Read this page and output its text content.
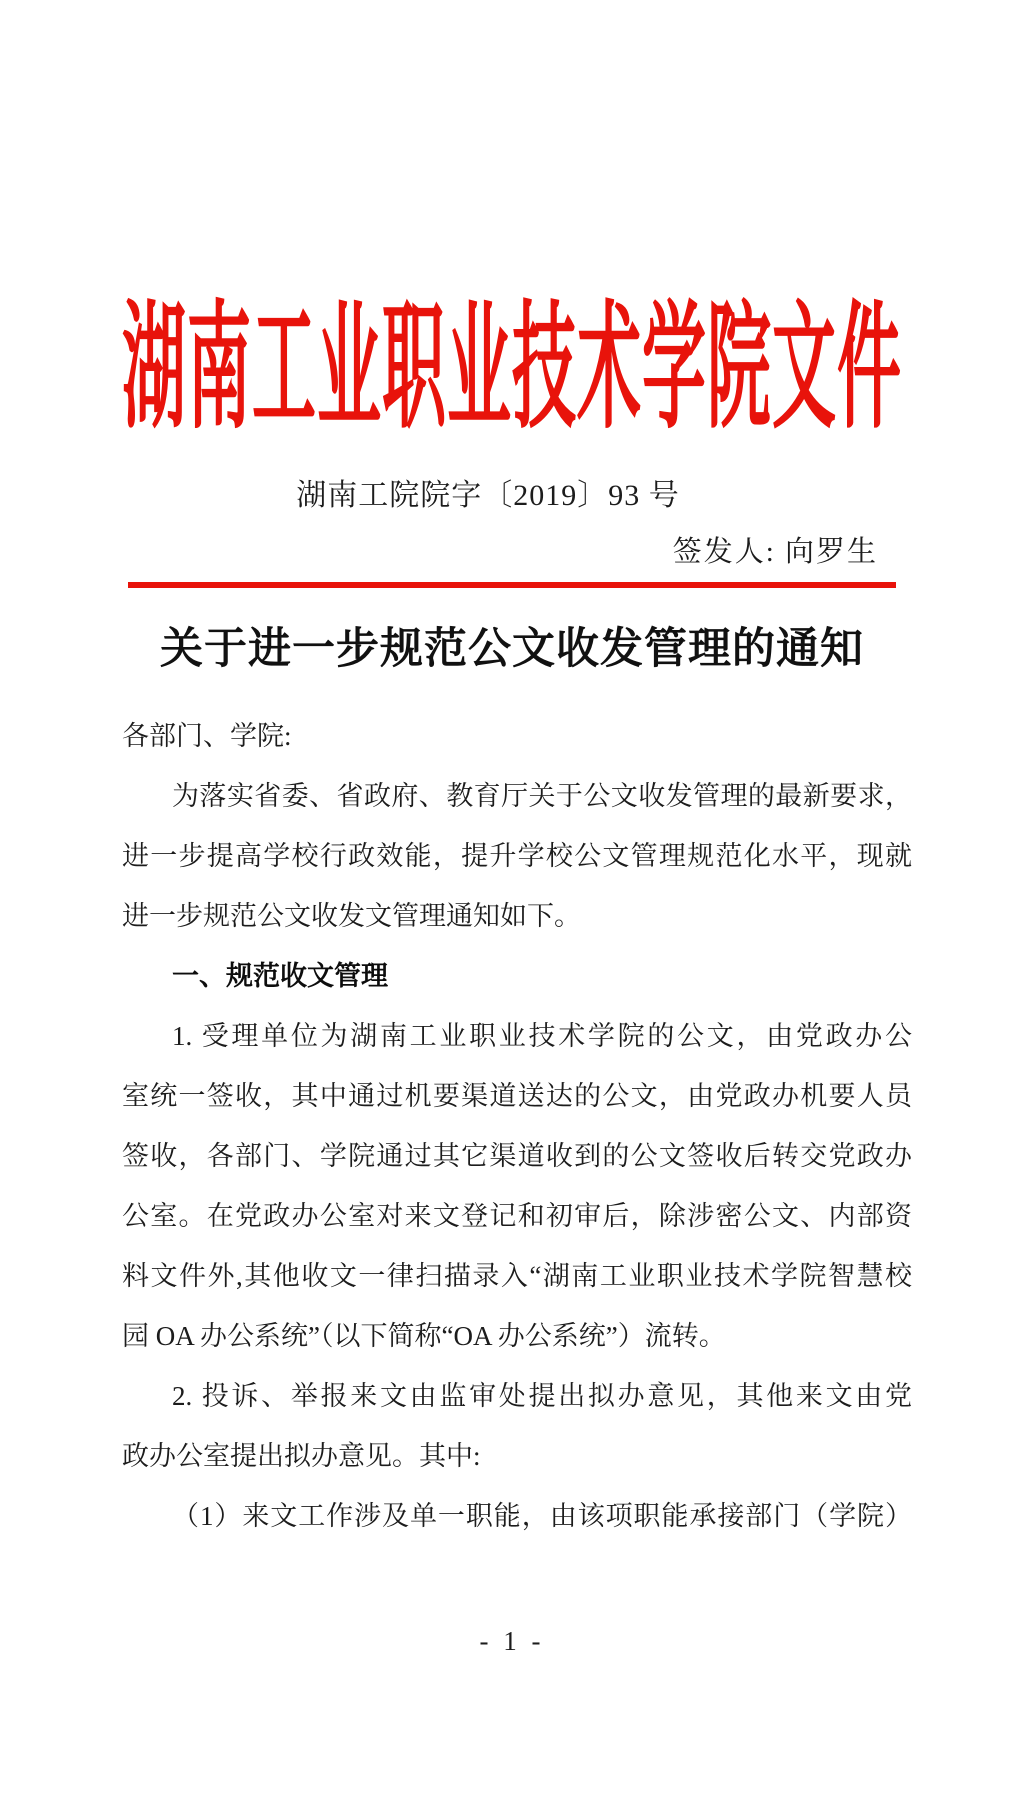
湖南工业职业技术学院文件
湖南工院院字〔2019〕93 号
签发人: 向罗生
关于进一步规范公文收发管理的通知
各部门、学院:
为落实省委、省政府、教育厅关于公文收发管理的最新要求，
进一步提高学校行政效能，提升学校公文管理规范化水平，现就
进一步规范公文收发文管理通知如下。
一、规范收文管理
1. 受理单位为湖南工业职业技术学院的公文，由党政办公
室统一签收，其中通过机要渠道送达的公文，由党政办机要人员
签收，各部门、学院通过其它渠道收到的公文签收后转交党政办
公室。在党政办公室对来文登记和初审后，除涉密公文、内部资
料文件外,其他收文一律扫描录入“湖南工业职业技术学院智慧校
园 OA 办公系统”（以下简称“OA 办公系统”）流转。
2. 投诉、举报来文由监审处提出拟办意见，其他来文由党
政办公室提出拟办意见。其中:
（1）来文工作涉及单一职能，由该项职能承接部门（学院）
- 1 -
